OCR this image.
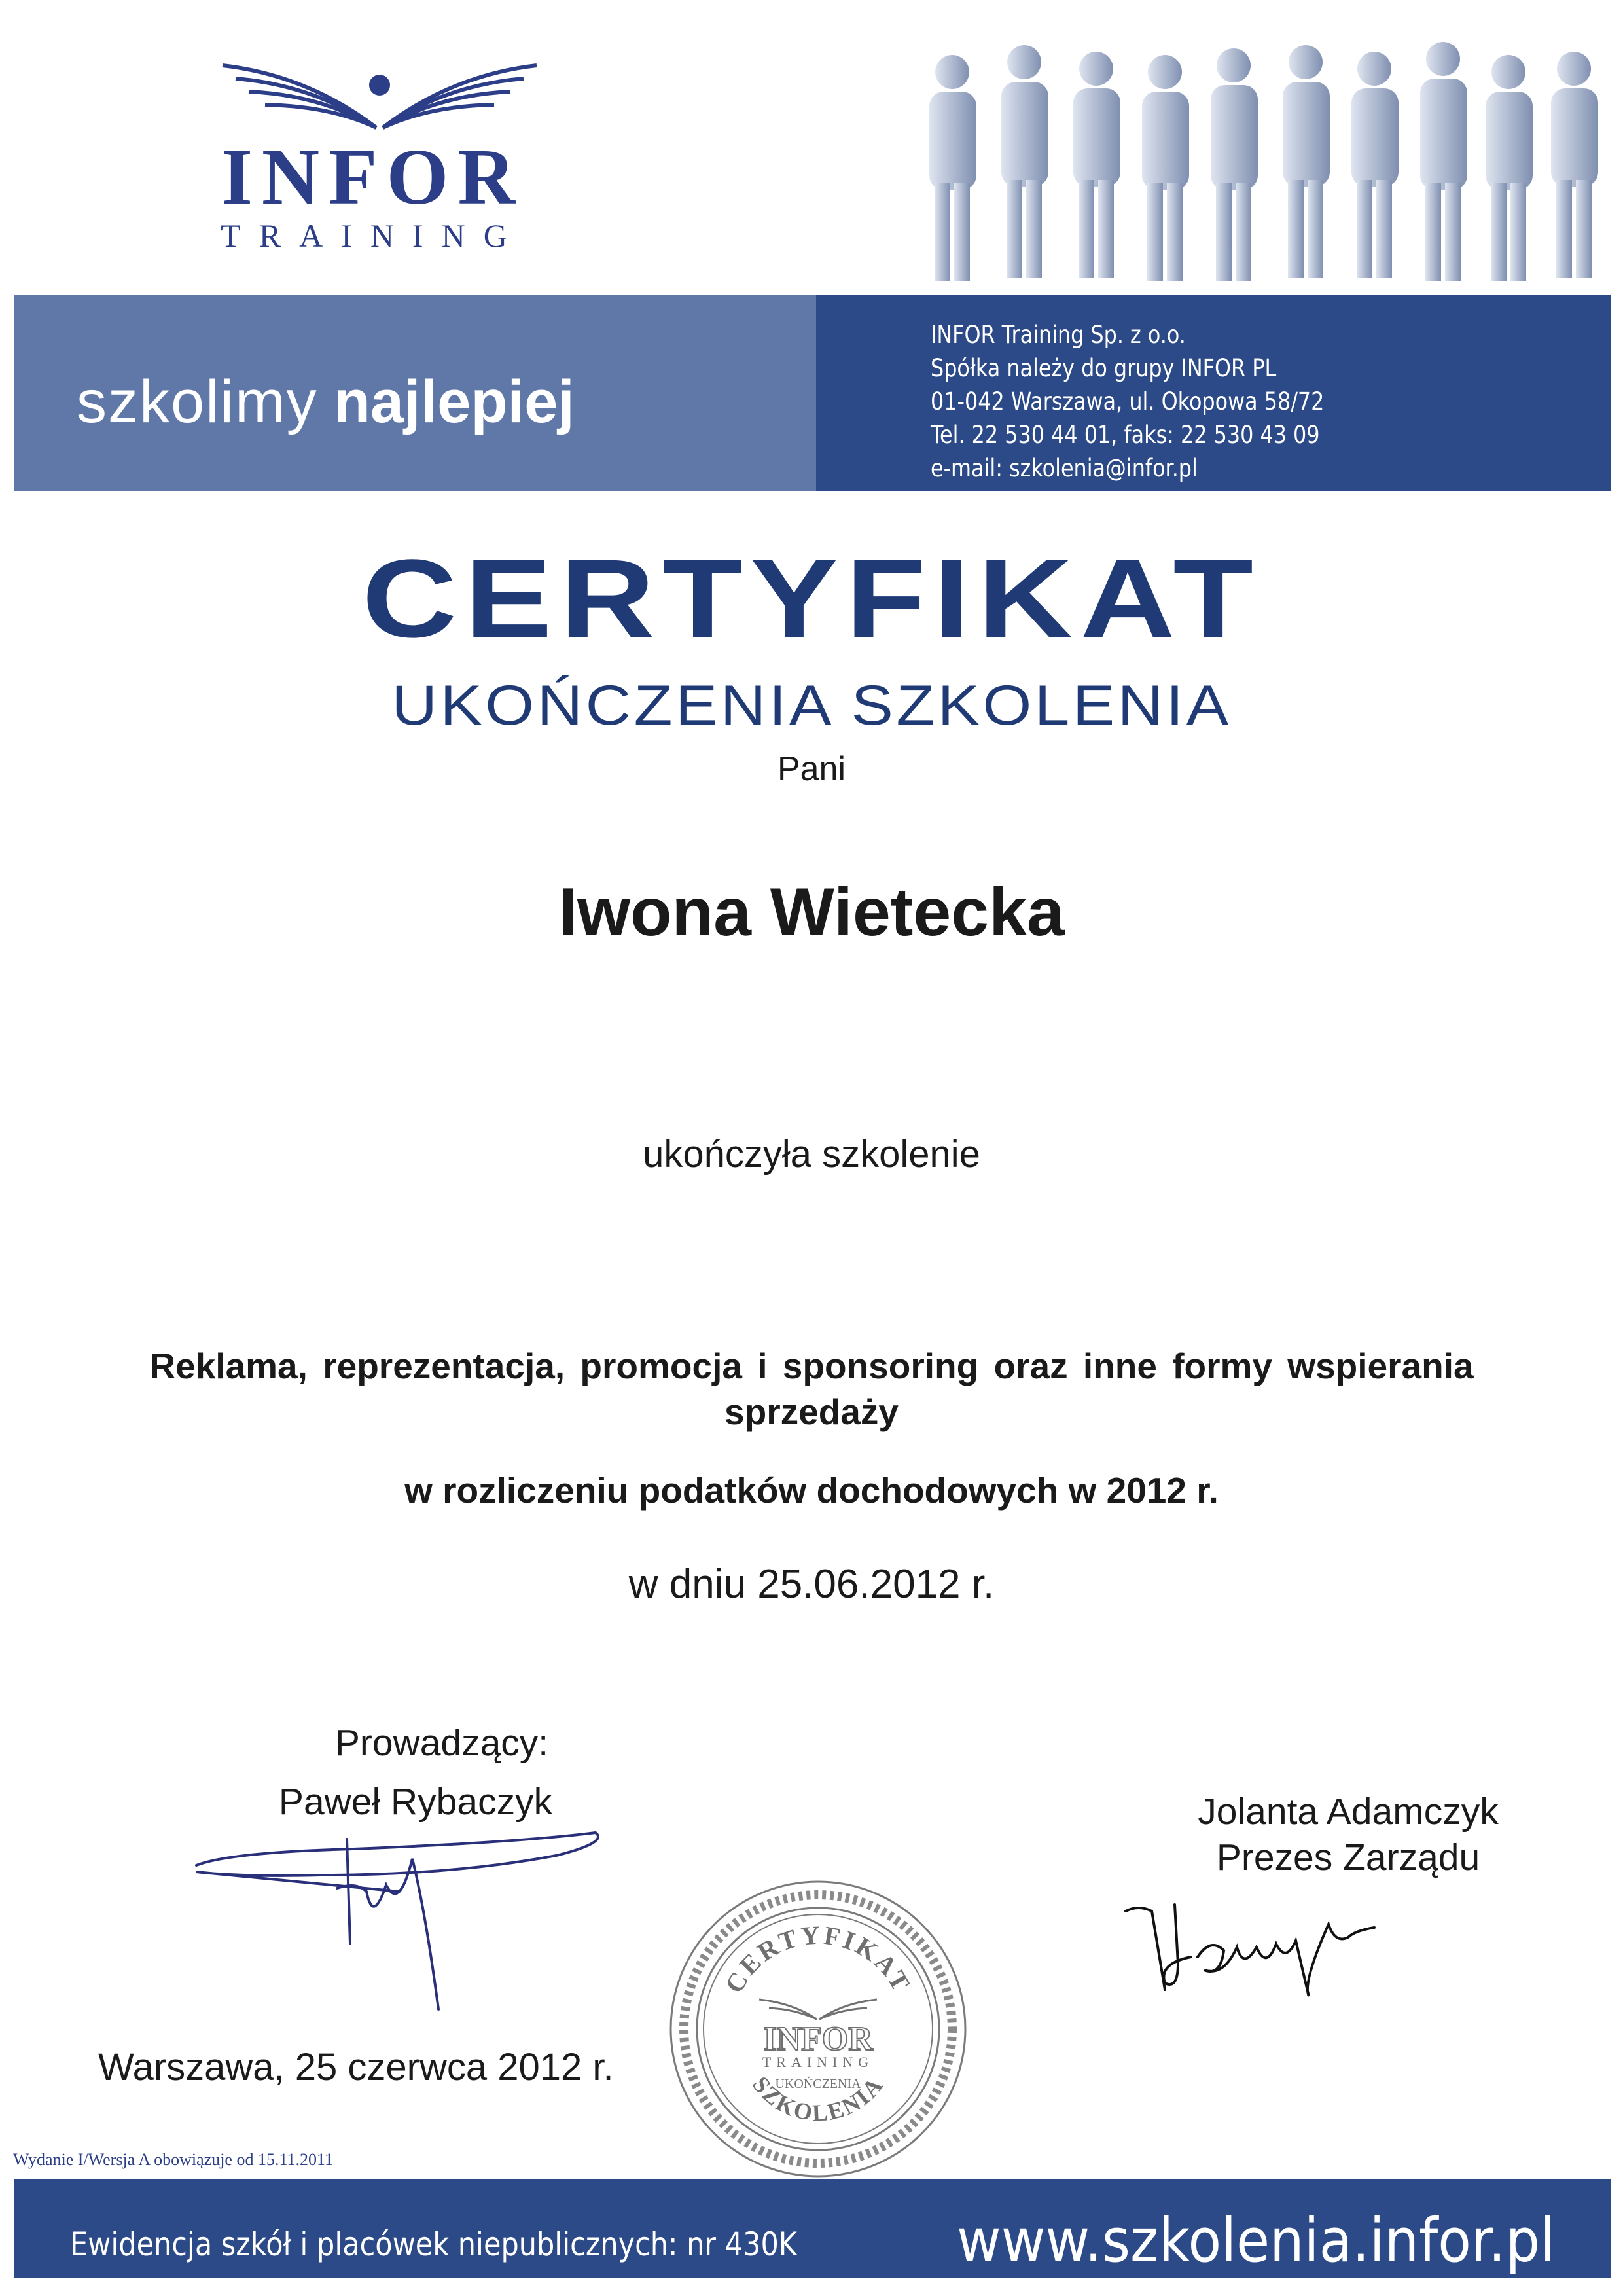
INFOR
TRAINING
szkolimy najlepiej
INFOR Training Sp. z o.o.
Spółka należy do grupy INFOR PL
01-042 Warszawa, ul. Okopowa 58/72
Tel. 22 530 44 01, faks: 22 530 43 09
e-mail: szkolenia@infor.pl
CERTYFIKAT
UKOŃCZENIA SZKOLENIA
Pani
Iwona Wietecka
ukończyła szkolenie
Reklama, reprezentacja, promocja i sponsoring oraz inne formy wspierania
sprzedaży
w rozliczeniu podatków dochodowych w 2012 r.
w dniu 25.06.2012 r.
Prowadzący:
Paweł Rybaczyk	Jolanta Adamczyk
Prezes Zarządu
CERTYFIKAT
INFOR
TRAINING
UKOŃCZENIA
SZKOLENIA
Warszawa, 25 czerwca 2012 r.
Wydanie I/Wersja A obowiązuje od 15.11.2011
Ewidencja szkół i placówek niepublicznych: nr 430K	www.szkolenia.infor.pl
